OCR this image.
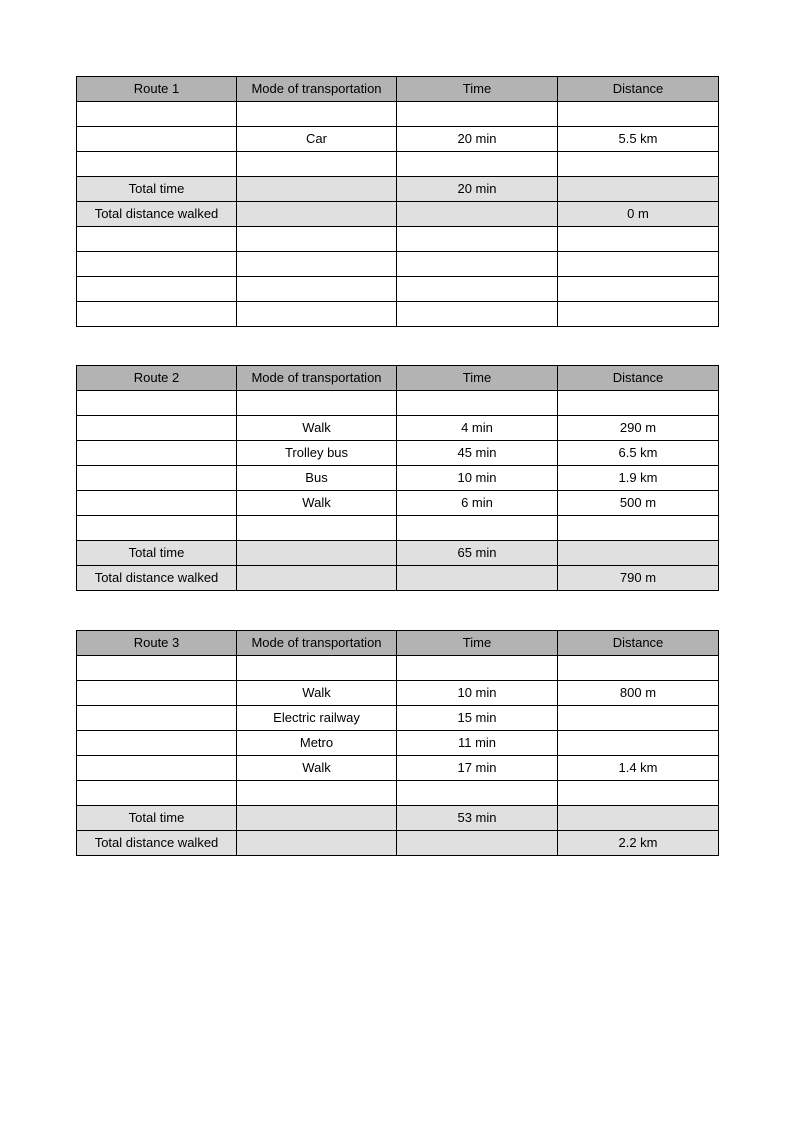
Route 1	Mode of transportation	Time	Distance

	Car	20 min	5.5 km

Total time		20 min	
Total distance walked			0 m

Route 2	Mode of transportation	Time	Distance

	Walk	4 min	290 m
	Trolley bus	45 min	6.5 km
	Bus	10 min	1.9 km
	Walk	6 min	500 m

Total time		65 min	
Total distance walked			790 m
Route 3	Mode of transportation	Time	Distance

	Walk	10 min	800 m
	Electric railway	15 min	
	Metro	11 min	
	Walk	17 min	1.4 km

Total time		53 min	
Total distance walked			2.2 km
